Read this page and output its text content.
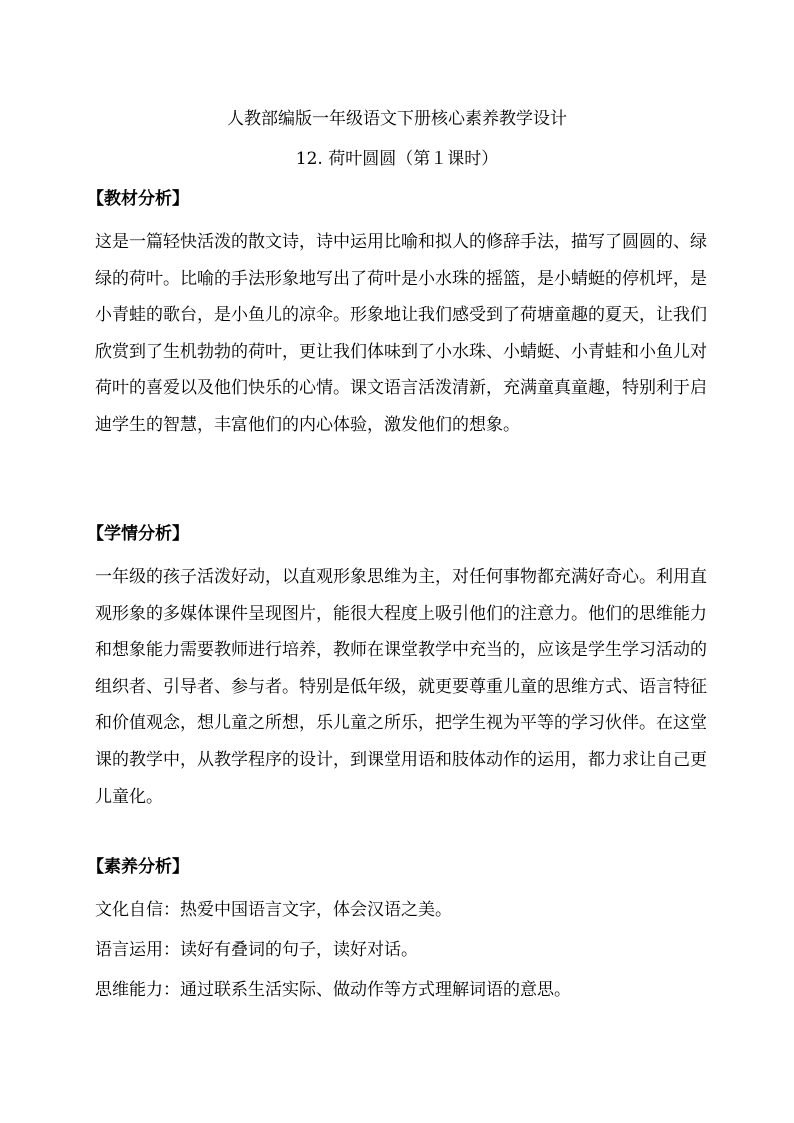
人教部编版一年级语文下册核心素养教学设计
12. 荷叶圆圆（第１课时）
【教材分析】
这是一篇轻快活泼的散文诗，诗中运用比喻和拟人的修辞手法，描写了圆圆的、绿绿的荷叶。比喻的手法形象地写出了荷叶是小水珠的摇篮，是小蜻蜓的停机坪，是小青蛙的歌台，是小鱼儿的凉伞。形象地让我们感受到了荷塘童趣的夏天，让我们欣赏到了生机勃勃的荷叶，更让我们体味到了小水珠、小蜻蜓、小青蛙和小鱼儿对荷叶的喜爱以及他们快乐的心情。课文语言活泼清新，充满童真童趣，特别利于启迪学生的智慧，丰富他们的内心体验，激发他们的想象。
【学情分析】
一年级的孩子活泼好动，以直观形象思维为主，对任何事物都充满好奇心。利用直观形象的多媒体课件呈现图片，能很大程度上吸引他们的注意力。他们的思维能力和想象能力需要教师进行培养，教师在课堂教学中充当的，应该是学生学习活动的组织者、引导者、参与者。特别是低年级，就更要尊重儿童的思维方式、语言特征和价值观念，想儿童之所想，乐儿童之所乐，把学生视为平等的学习伙伴。在这堂课的教学中，从教学程序的设计，到课堂用语和肢体动作的运用，都力求让自己更儿童化。
【素养分析】
文化自信：热爱中国语言文字，体会汉语之美。
语言运用：读好有叠词的句子，读好对话。
思维能力：通过联系生活实际、做动作等方式理解词语的意思。
